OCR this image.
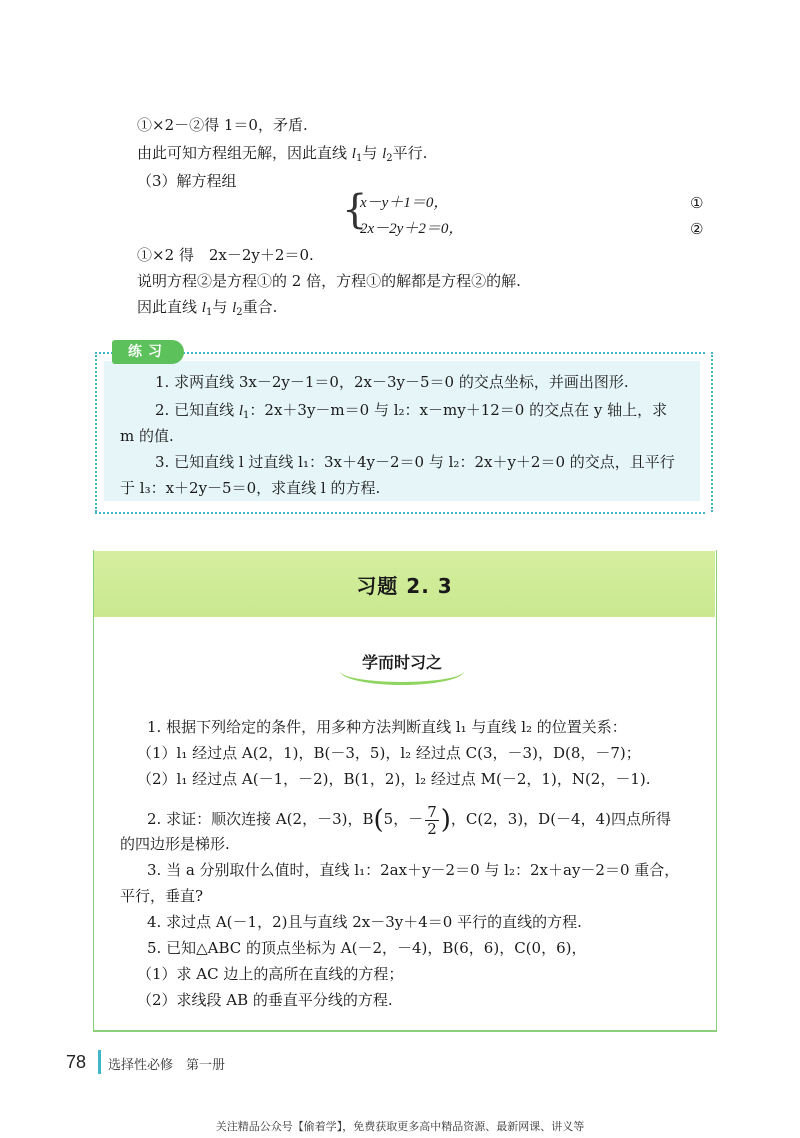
①×2－②得 1＝0，矛盾.
由此可知方程组无解，因此直线 $l_1$与 $l_2$平行.
（3）解方程组
{
x－y＋1＝0，
2x－2y＋2＝0，
①
②
①×2 得　2x－2y＋2＝0.
说明方程②是方程①的 2 倍，方程①的解都是方程②的解.
因此直线 $l_1$与 $l_2$重合.
练习
1. 求两直线 3x－2y－1＝0，2x－3y－5＝0 的交点坐标，并画出图形.
2. 已知直线 $l_1$：2x＋3y－m＝0 与 l₂：x－my＋12＝0 的交点在 y 轴上，求
m 的值.
3. 已知直线 l 过直线 l₁：3x＋4y－2＝0 与 l₂：2x＋y＋2＝0 的交点，且平行
于 l₃：x＋2y－5＝0，求直线 l 的方程.
习题 2. 3
学而时习之
1. 根据下列给定的条件，用多种方法判断直线 l₁ 与直线 l₂ 的位置关系：
（1）l₁ 经过点 A(2，1)，B(－3，5)，l₂ 经过点 C(3，－3)，D(8，－7)；
（2）l₁ 经过点 A(－1，－2)，B(1，2)，l₂ 经过点 M(－2，1)，N(2，－1).
2. 求证：顺次连接 A(2，－3)，B(5，－ $\frac{7}{2}$ )，C(2，3)，D(－4，4)四点所得
的四边形是梯形.
3. 当 a 分别取什么值时，直线 l₁：2ax＋y－2＝0 与 l₂：2x＋ay－2＝0 重合，
平行，垂直?
4. 求过点 A(－1，2)且与直线 2x－3y＋4＝0 平行的直线的方程.
5. 已知△ABC 的顶点坐标为 A(－2，－4)，B(6，6)，C(0，6)，
（1）求 AC 边上的高所在直线的方程；
（2）求线段 AB 的垂直平分线的方程.
78 选择性必修　第一册
关注精品公众号【偷着学】，免费获取更多高中精品资源、最新网课、讲义等
